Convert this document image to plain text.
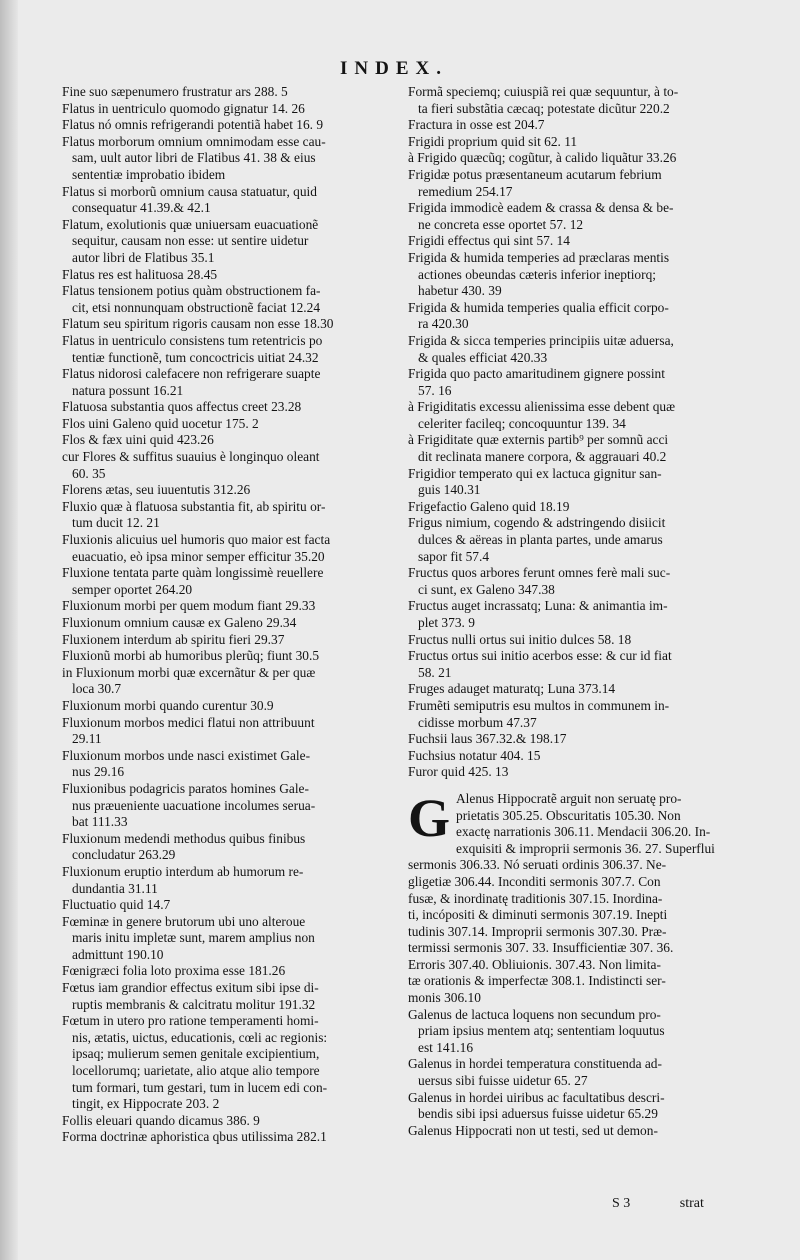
INDEX.
Fine suo sæpenumero frustratur ars 288. 5
Flatus in uentriculo quomodo gignatur 14. 26
Flatus nó omnis refrigerandi potentiã habet 16. 9
Flatus morborum omnium omnimodam esse cau-
sam, uult autor libri de Flatibus 41. 38 & eius
sententiæ improbatio ibidem
Flatus si morborũ omnium causa statuatur, quid
consequatur 41.39.& 42.1
Flatum, exolutionis quæ uniuersam euacuationẽ
sequitur, causam non esse: ut sentire uidetur
autor libri de Flatibus 35.1
Flatus res est halituosa 28.45
Flatus tensionem potius quàm obstructionem fa-
cit, etsi nonnunquam obstructionẽ faciat 12.24
Flatum seu spiritum rigoris causam non esse 18.30
Flatus in uentriculo consistens tum retentricis po
tentiæ functionẽ, tum concoctricis uitiat 24.32
Flatus nidorosi calefacere non refrigerare suapte
natura possunt 16.21
Flatuosa substantia quos affectus creet 23.28
Flos uini Galeno quid uocetur 175. 2
Flos & fæx uini quid 423.26
cur Flores & suffitus suauius è longinquo oleant
60. 35
Florens ætas, seu iuuentutis 312.26
Fluxio quæ à flatuosa substantia fit, ab spiritu or-
tum ducit 12. 21
Fluxionis alicuius uel humoris quo maior est facta
euacuatio, eò ipsa minor semper efficitur 35.20
Fluxione tentata parte quàm longissimè reuellere
semper oportet 264.20
Fluxionum morbi per quem modum fiant 29.33
Fluxionum omnium causæ ex Galeno 29.34
Fluxionem interdum ab spiritu fieri 29.37
Fluxionũ morbi ab humoribus plerũq; fiunt 30.5
in Fluxionum morbi quæ excernãtur & per quæ
loca 30.7
Fluxionum morbi quando curentur 30.9
Fluxionum morbos medici flatui non attribuunt
29.11
Fluxionum morbos unde nasci existimet Gale-
nus 29.16
Fluxionibus podagricis paratos homines Gale-
nus præueniente uacuatione incolumes serua-
bat 111.33
Fluxionum medendi methodus quibus finibus
concludatur 263.29
Fluxionum eruptio interdum ab humorum re-
dundantia 31.11
Fluctuatio quid 14.7
Fœminæ in genere brutorum ubi uno alteroue
maris initu impletæ sunt, marem amplius non
admittunt 190.10
Fœnigræci folia loto proxima esse 181.26
Fœtus iam grandior effectus exitum sibi ipse di-
ruptis membranis & calcitratu molitur 191.32
Fœtum in utero pro ratione temperamenti homi-
nis, ætatis, uictus, educationis, cœli ac regionis:
ipsaq; mulierum semen genitale excipientium,
locellorumq; uarietate, alio atque alio tempore
tum formari, tum gestari, tum in lucem edi con-
tingit, ex Hippocrate 203. 2
Follis eleuari quando dicamus 386. 9
Forma doctrinæ aphoristica qbus utilissima 282.1
Formã speciemq; cuiuspiã rei quæ sequuntur, à to-
ta fieri substãtia cæcaq; potestate dicũtur 220.2
Fractura in osse est 204.7
Frigidi proprium quid sit 62. 11
à Frigido quæcũq; cogũtur, à calido liquãtur 33.26
Frigidæ potus præsentaneum acutarum febrium
remedium 254.17
Frigida immodicè eadem & crassa & densa & be-
ne concreta esse oportet 57. 12
Frigidi effectus qui sint 57. 14
Frigida & humida temperies ad præclaras mentis
actiones obeundas cæteris inferior ineptiorq;
habetur 430. 39
Frigida & humida temperies qualia efficit corpo-
ra 420.30
Frigida & sicca temperies principiis uitæ aduersa,
& quales efficiat 420.33
Frigida quo pacto amaritudinem gignere possint
57. 16
à Frigiditatis excessu alienissima esse debent quæ
celeriter facileq; concoquuntur 139. 34
à Frigiditate quæ externis partib⁹ per somnũ acci
dit reclinata manere corpora, & aggrauari 40.2
Frigidior temperato qui ex lactuca gignitur san-
guis 140.31
Frigefactio Galeno quid 18.19
Frigus nimium, cogendo & adstringendo disiicit
dulces & aëreas in planta partes, unde amarus
sapor fit 57.4
Fructus quos arbores ferunt omnes ferè mali suc-
ci sunt, ex Galeno 347.38
Fructus auget incrassatq; Luna: & animantia im-
plet 373. 9
Fructus nulli ortus sui initio dulces 58. 18
Fructus ortus sui initio acerbos esse: & cur id fiat
58. 21
Fruges adauget maturatq; Luna 373.14
Frumẽti semiputris esu multos in communem in-
cidisse morbum 47.37
Fuchsii laus 367.32.& 198.17
Fuchsius notatur 404. 15
Furor quid 425. 13
G Alenus Hippocratẽ arguit non seruatę pro-
prietatis 305.25. Obscuritatis 105.30. Non
exactę narrationis 306.11. Mendacii 306.20. In-
exquisiti & improprii sermonis 36. 27. Superflui
sermonis 306.33. Nó seruati ordinis 306.37. Ne-
gligetiæ 306.44. Inconditi sermonis 307.7. Con
fusæ, & inordinatę traditionis 307.15. Inordina-
ti, incópositi & diminuti sermonis 307.19. Inepti
tudinis 307.14. Improprii sermonis 307.30. Præ-
termissi sermonis 307. 33. Insufficientiæ 307. 36.
Erroris 307.40. Obliuionis. 307.43. Non limita-
tæ orationis & imperfectæ 308.1. Indistincti ser-
monis 306.10
Galenus de lactuca loquens non secundum pro-
priam ipsius mentem atq; sententiam loquutus
est 141.16
Galenus in hordei temperatura constituenda ad-
uersus sibi fuisse uidetur 65. 27
Galenus in hordei uiribus ac facultatibus descri-
bendis sibi ipsi aduersus fuisse uidetur 65.29
Galenus Hippocrati non ut testi, sed ut demon-
S 3	strat
